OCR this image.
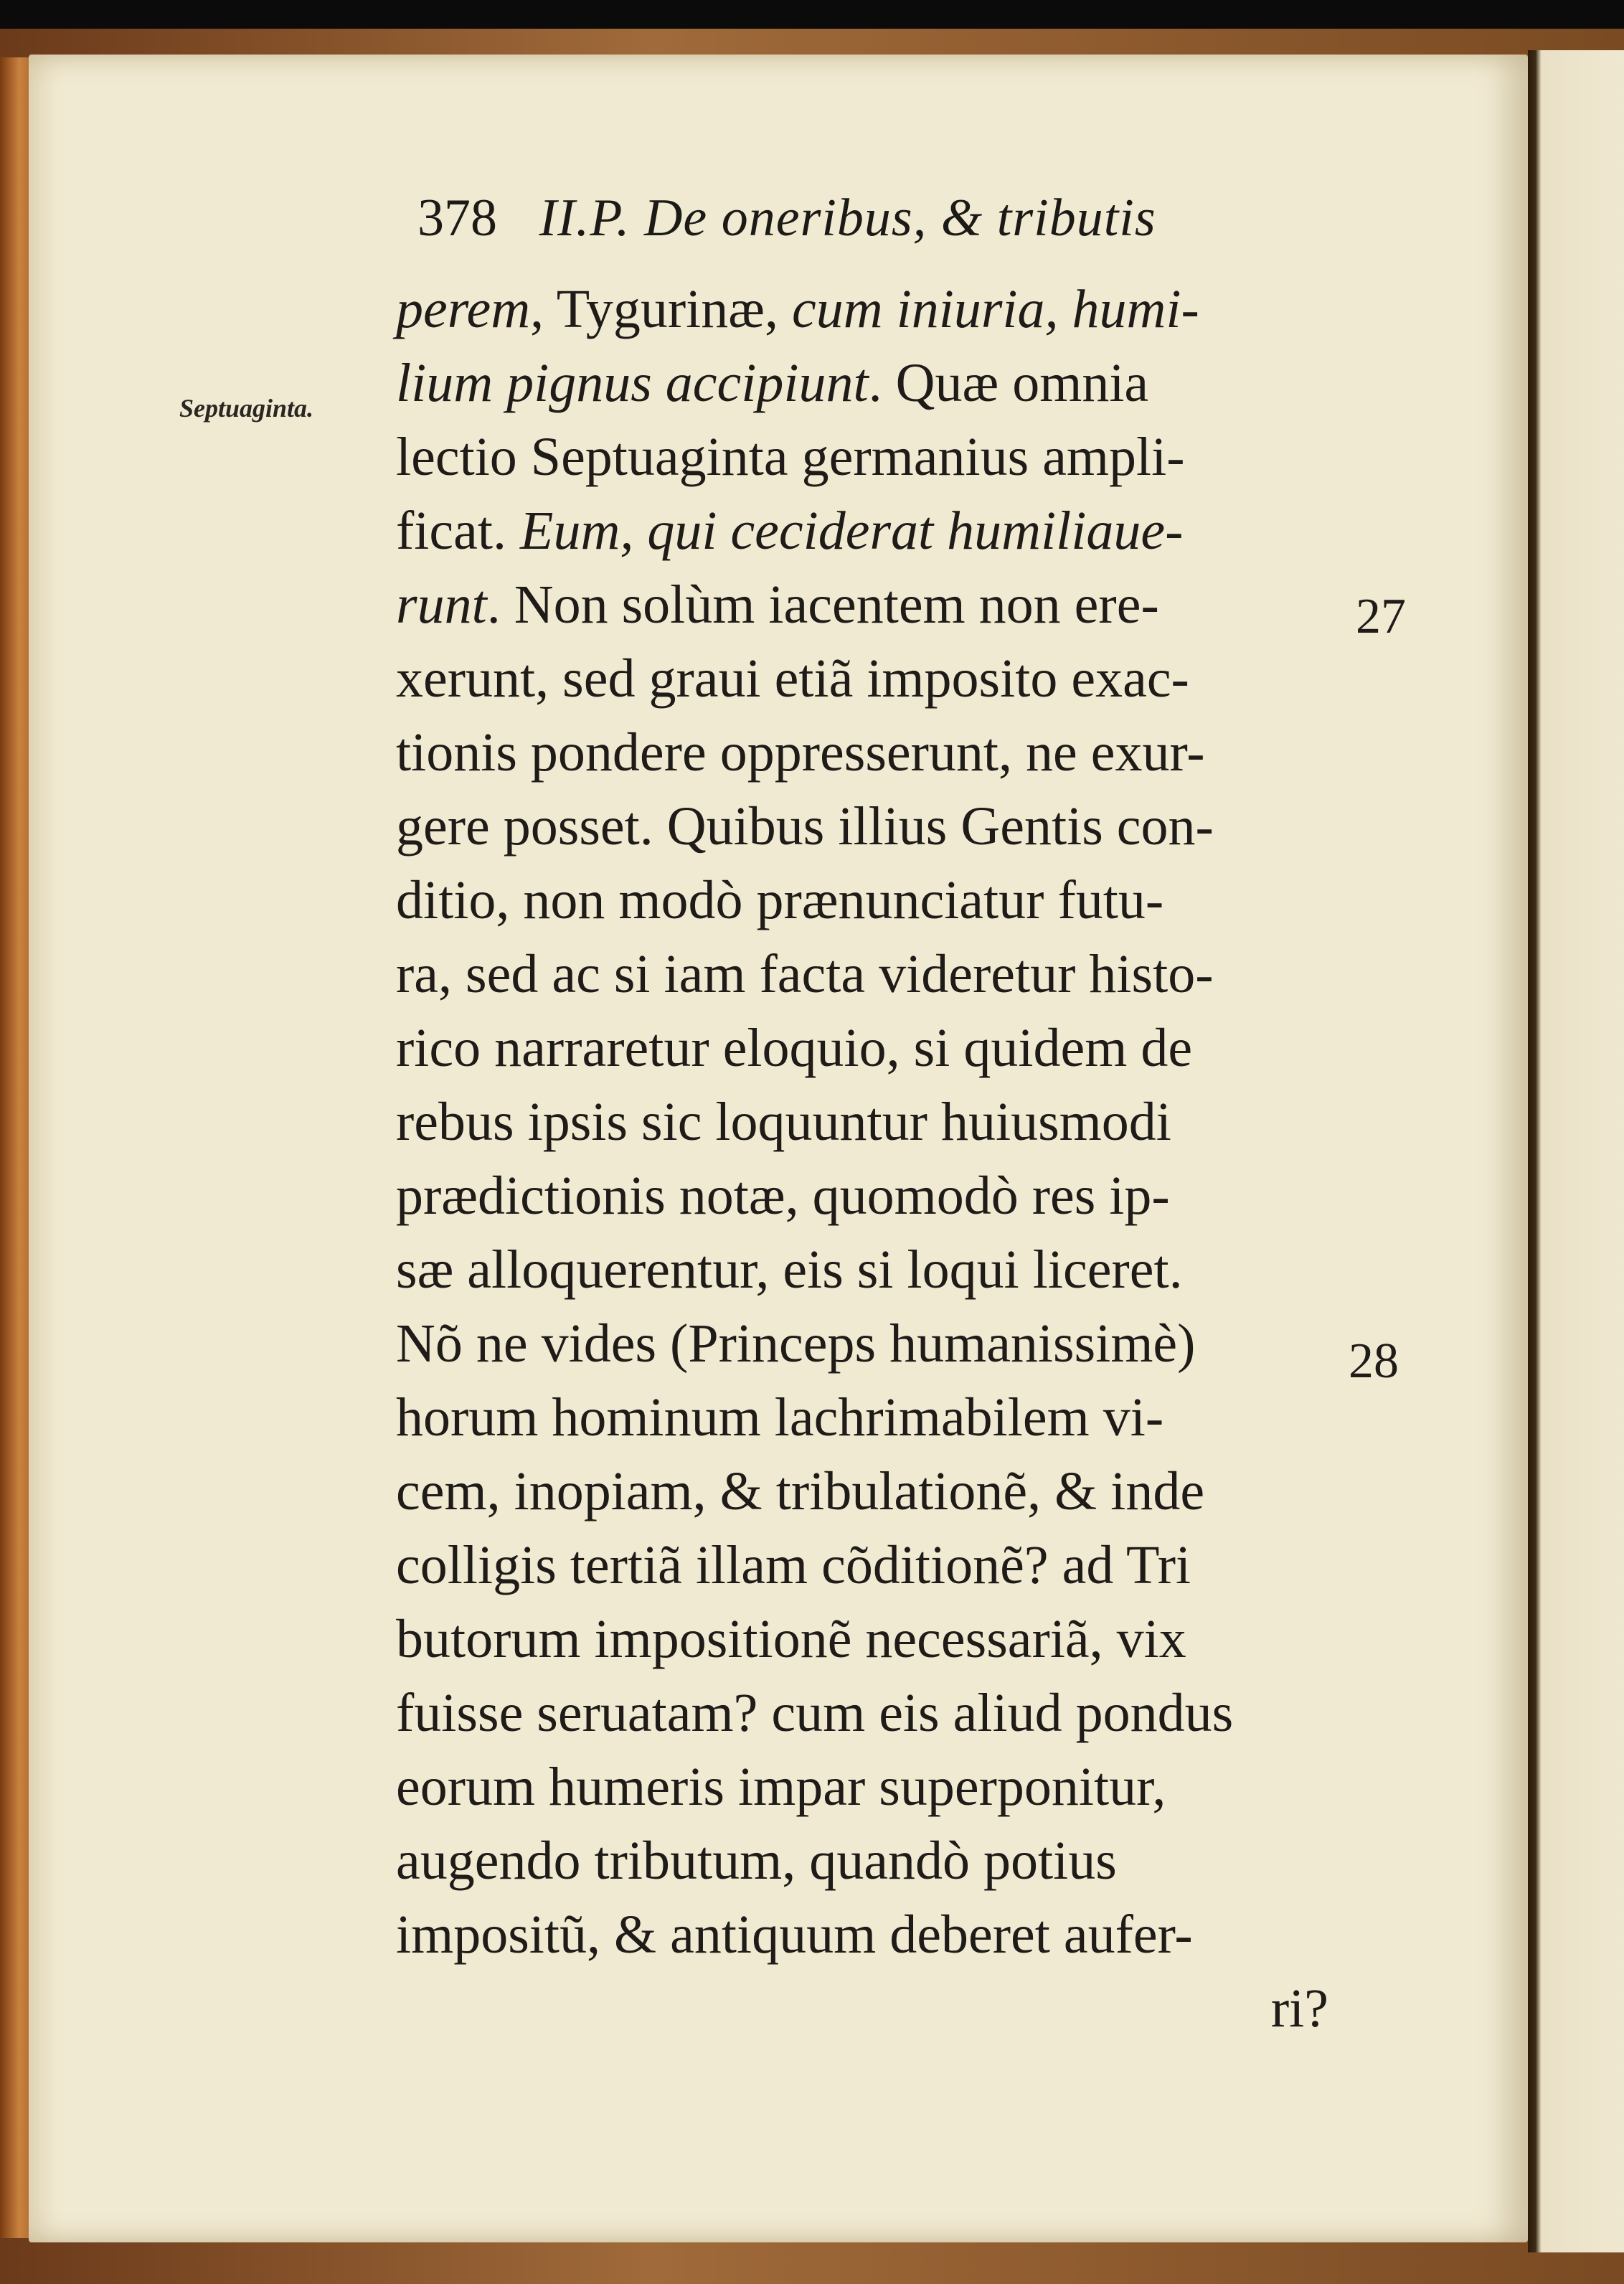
378 II.P. De oneribus, & tributis
Septuaginta.
27
28
perem, Tygurinæ, cum iniuria, humi-
lium pignus accipiunt. Quæ omnia
lectio Septuaginta germanius ampli-
ficat. Eum, qui ceciderat humiliaue-
runt. Non solùm iacentem non ere-
xerunt, sed graui etiã imposito exac-
tionis pondere oppresserunt, ne exur-
gere posset. Quibus illius Gentis con-
ditio, non modò prænunciatur futu-
ra, sed ac si iam facta videretur histo-
rico narraretur eloquio, si quidem de
rebus ipsis sic loquuntur huiusmodi
prædictionis notæ, quomodò res ip-
sæ alloquerentur, eis si loqui liceret.
Nõ ne vides (Princeps humanissimè)
horum hominum lachrimabilem vi-
cem, inopiam, & tribulationẽ, & inde
colligis tertiã illam cõditionẽ? ad Tri
butorum impositionẽ necessariã, vix
fuisse seruatam? cum eis aliud pondus
eorum humeris impar superponitur,
augendo tributum, quandò potius
impositũ, & antiquum deberet aufer-
ri?
